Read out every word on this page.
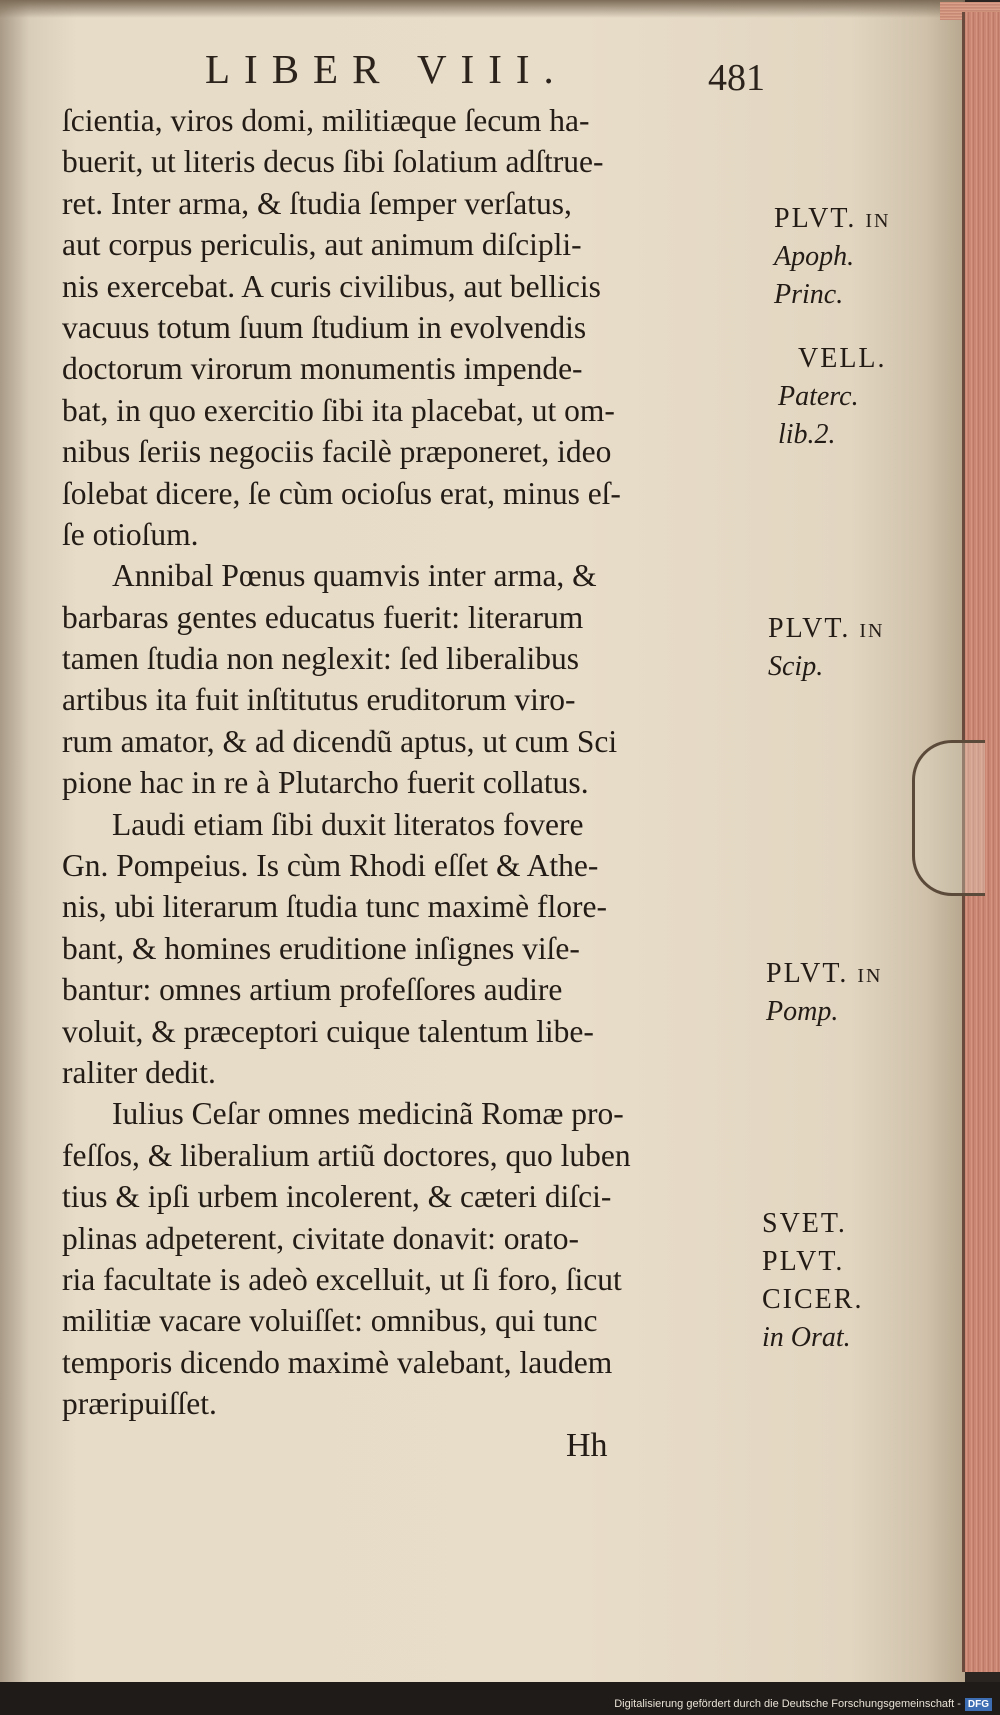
LIBER VIII.	481
ſcientia, viros domi, militiæque ſecum ha-
buerit, ut literis decus ſibi ſolatium adſtrue-
ret. Inter arma, & ſtudia ſemper verſatus,
aut corpus periculis, aut animum diſcipli-
nis exercebat. A curis civilibus, aut bellicis
vacuus totum ſuum ſtudium in evolvendis
doctorum virorum monumentis impende-
bat, in quo exercitio ſibi ita placebat, ut om-
nibus ſeriis negociis facilè præponeret, ideo
ſolebat dicere, ſe cùm ocioſus erat, minus eſ-
ſe otioſum.
Annibal Pœnus quamvis inter arma, &
barbaras gentes educatus fuerit: literarum
tamen ſtudia non neglexit: ſed liberalibus
artibus ita fuit inſtitutus eruditorum viro-
rum amator, & ad dicendũ aptus, ut cum Sci
pione hac in re à Plutarcho fuerit collatus.
Laudi etiam ſibi duxit literatos fovere
Gn. Pompeius. Is cùm Rhodi eſſet & Athe-
nis, ubi literarum ſtudia tunc maximè flore-
bant, & homines eruditione inſignes viſe-
bantur: omnes artium profeſſores audire
voluit, & præceptori cuique talentum libe-
raliter dedit.
Iulius Ceſar omnes medicinã Romæ pro-
feſſos, & liberalium artiũ doctores, quo luben
tius & ipſi urbem incolerent, & cæteri diſci-
plinas adpeterent, civitate donavit: orato-
ria facultate is adeò excelluit, ut ſi foro, ſicut
militiæ vacare voluiſſet: omnibus, qui tunc
temporis dicendo maximè valebant, laudem
præripuiſſet.
PLVT. in
Apoph.
Princ.
VELL.
Paterc.
lib.2.
PLVT. in
Scip.
PLVT. in
Pomp.
SVET.
PLVT.
CICER.
in Orat.
Hh
Digitalisierung gefördert durch die Deutsche Forschungsgemeinschaft - DFG
